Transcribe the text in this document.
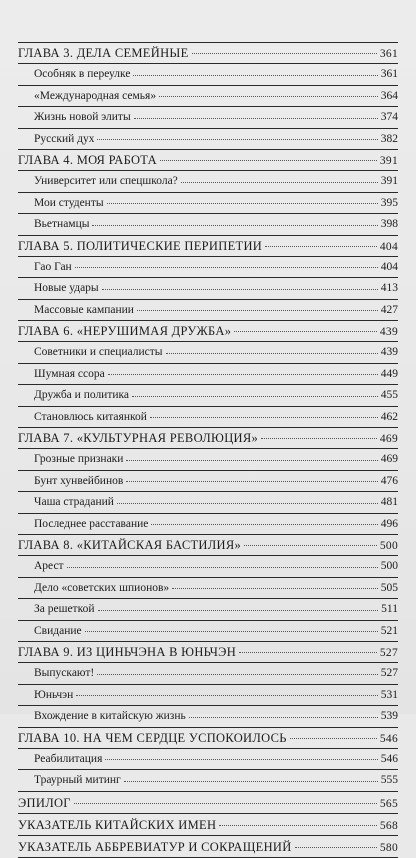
ГЛАВА 3. ДЕЛА СЕМЕЙНЫЕ	361
Особняк в переулке	361
«Международная семья»	364
Жизнь новой элиты	374
Русский дух	382
ГЛАВА 4. МОЯ РАБОТА	391
Университет или спецшкола?	391
Мои студенты	395
Вьетнамцы	398
ГЛАВА 5. ПОЛИТИЧЕСКИЕ ПЕРИПЕТИИ	404
Гао Ган	404
Новые удары	413
Массовые кампании	427
ГЛАВА 6. «НЕРУШИМАЯ ДРУЖБА»	439
Советники и специалисты	439
Шумная ссора	449
Дружба и политика	455
Становлюсь китаянкой	462
ГЛАВА 7. «КУЛЬТУРНАЯ РЕВОЛЮЦИЯ»	469
Грозные признаки	469
Бунт хунвейбинов	476
Чаша страданий	481
Последнее расставание	496
ГЛАВА 8. «КИТАЙСКАЯ БАСТИЛИЯ»	500
Арест	500
Дело «советских шпионов»	505
За решеткой	511
Свидание	521
ГЛАВА 9. ИЗ ЦИНЬЧЭНА В ЮНЬЧЭН	527
Выпускают!	527
Юньчэн	531
Вхождение в китайскую жизнь	539
ГЛАВА 10. НА ЧЕМ СЕРДЦЕ УСПОКОИЛОСЬ	546
Реабилитация	546
Траурный митинг	555
ЭПИЛОГ	565
УКАЗАТЕЛЬ КИТАЙСКИХ ИМЕН	568
УКАЗАТЕЛЬ АББРЕВИАТУР И СОКРАЩЕНИЙ	580
